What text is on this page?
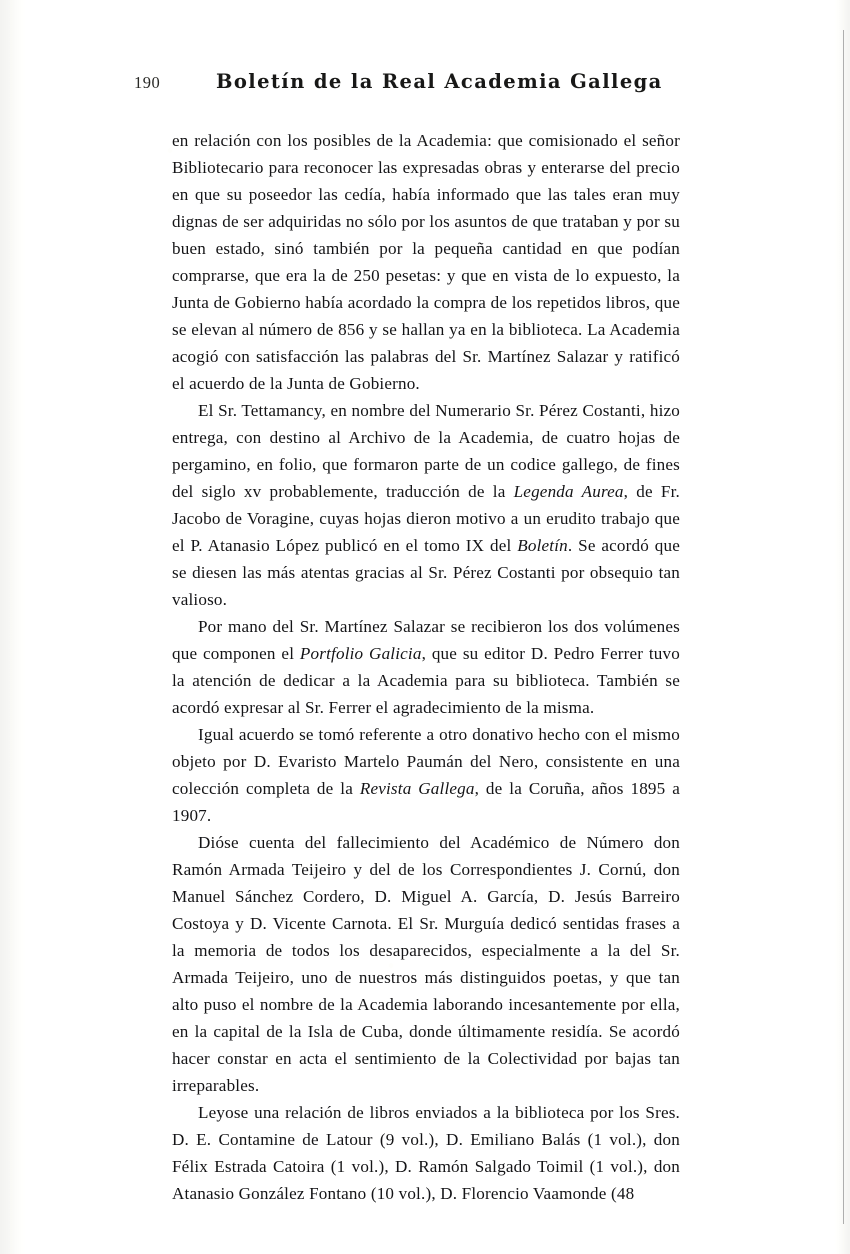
190	Boletín de la Real Academia Gallega

en relación con los posibles de la Academia: que comisionado el señor Bibliotecario para reconocer las expresadas obras y enterarse del precio en que su poseedor las cedía, había informado que las tales eran muy dignas de ser adquiridas no sólo por los asuntos de que trataban y por su buen estado, sinó también por la pequeña cantidad en que podían comprarse, que era la de 250 pesetas: y que en vista de lo expuesto, la Junta de Gobierno había acordado la compra de los repetidos libros, que se elevan al número de 856 y se hallan ya en la biblioteca. La Academia acogió con satisfacción las palabras del Sr. Martínez Salazar y ratificó el acuerdo de la Junta de Gobierno.

El Sr. Tettamancy, en nombre del Numerario Sr. Pérez Costanti, hizo entrega, con destino al Archivo de la Academia, de cuatro hojas de pergamino, en folio, que formaron parte de un codice gallego, de fines del siglo xv probablemente, traducción de la Legenda Aurea, de Fr. Jacobo de Voragine, cuyas hojas dieron motivo a un erudito trabajo que el P. Atanasio López publicó en el tomo IX del Boletín. Se acordó que se diesen las más atentas gracias al Sr. Pérez Costanti por obsequio tan valioso.

Por mano del Sr. Martínez Salazar se recibieron los dos volúmenes que componen el Portfolio Galicia, que su editor D. Pedro Ferrer tuvo la atención de dedicar a la Academia para su biblioteca. También se acordó expresar al Sr. Ferrer el agradecimiento de la misma.

Igual acuerdo se tomó referente a otro donativo hecho con el mismo objeto por D. Evaristo Martelo Paumán del Nero, consistente en una colección completa de la Revista Gallega, de la Coruña, años 1895 a 1907.

Dióse cuenta del fallecimiento del Académico de Número don Ramón Armada Teijeiro y del de los Correspondientes J. Cornú, don Manuel Sánchez Cordero, D. Miguel A. García, D. Jesús Barreiro Costoya y D. Vicente Carnota. El Sr. Murguía dedicó sentidas frases a la memoria de todos los desaparecidos, especialmente a la del Sr. Armada Teijeiro, uno de nuestros más distinguidos poetas, y que tan alto puso el nombre de la Academia laborando incesantemente por ella, en la capital de la Isla de Cuba, donde últimamente residía. Se acordó hacer constar en acta el sentimiento de la Colectividad por bajas tan irreparables.

Leyose una relación de libros enviados a la biblioteca por los Sres. D. E. Contamine de Latour (9 vol.), D. Emiliano Balás (1 vol.), don Félix Estrada Catoira (1 vol.), D. Ramón Salgado Toimil (1 vol.), don Atanasio González Fontano (10 vol.), D. Florencio Vaamonde (48
